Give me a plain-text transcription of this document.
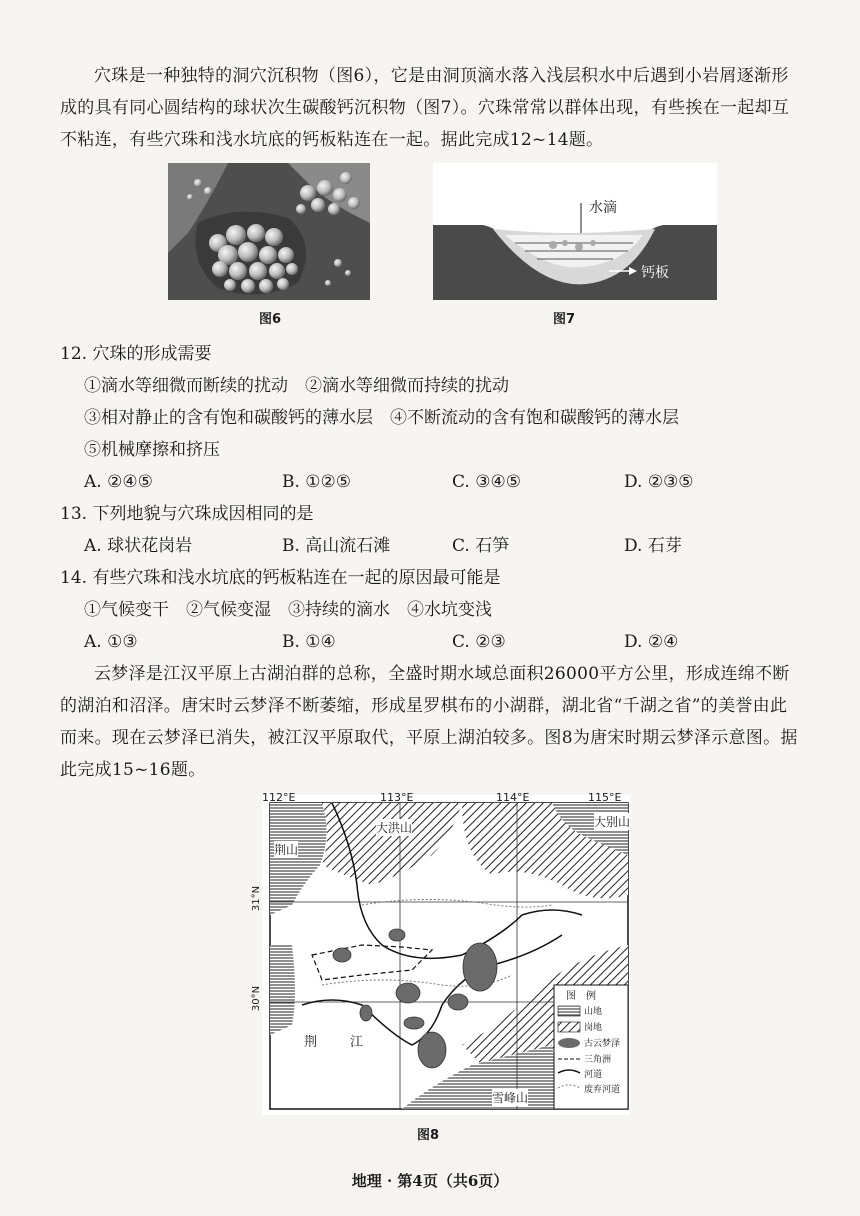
穴珠是一种独特的洞穴沉积物（图6），它是由洞顶滴水落入浅层积水中后遇到小岩屑逐渐形成的具有同心圆结构的球状次生碳酸钙沉积物（图7）。穴珠常常以群体出现，有些挨在一起却互不粘连，有些穴珠和浅水坑底的钙板粘连在一起。据此完成12~14题。

图6
水滴
钙板
图7
12. 穴珠的形成需要
①滴水等细微而断续的扰动　②滴水等细微而持续的扰动
③相对静止的含有饱和碳酸钙的薄水层　④不断流动的含有饱和碳酸钙的薄水层
⑤机械摩擦和挤压
A. ②④⑤	B. ①②⑤	C. ③④⑤	D. ②③⑤
13. 下列地貌与穴珠成因相同的是
A. 球状花岗岩	B. 高山流石滩	C. 石笋	D. 石芽
14. 有些穴珠和浅水坑底的钙板粘连在一起的原因最可能是
①气候变干　②气候变湿　③持续的滴水　④水坑变浅
A. ①③	B. ①④	C. ②③	D. ②④

云梦泽是江汉平原上古湖泊群的总称，全盛时期水域总面积26000平方公里，形成连绵不断的湖泊和沼泽。唐宋时云梦泽不断萎缩，形成星罗棋布的小湖群，湖北省“千湖之省”的美誉由此而来。现在云梦泽已消失，被江汉平原取代，平原上湖泊较多。图8为唐宋时期云梦泽示意图。据此完成15~16题。

112°E	113°E	114°E	115°E
31°N
30°N
大洪山	大别山
荆山
荆	江
雪峰山
图　例
山地
岗地
古云梦泽
三角洲
河道
废弃河道
图8
地理 · 第4页（共6页）
